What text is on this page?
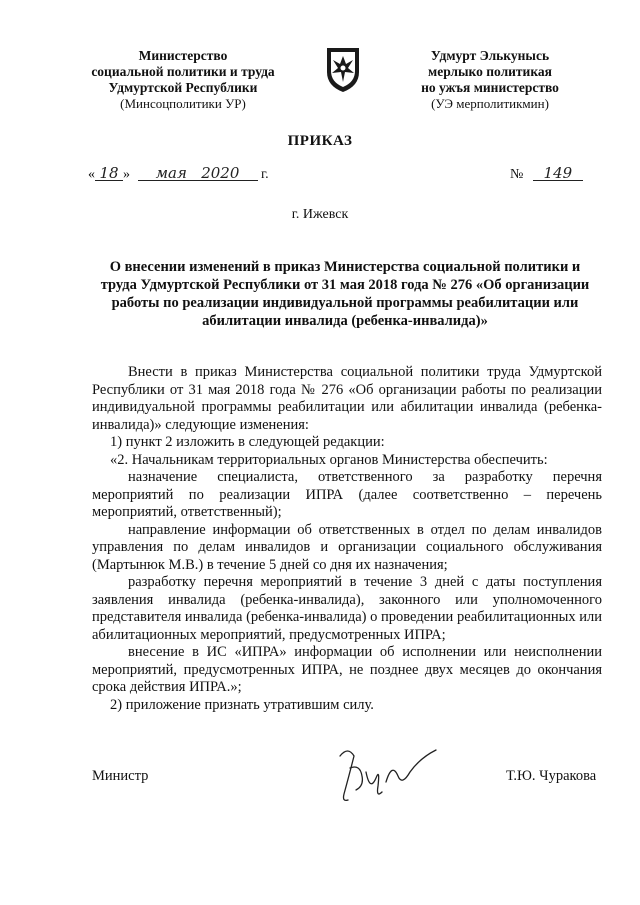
Министерство
социальной политики и труда
Удмуртской Республики
(Минсоцполитики УР)
Удмурт Элькунысь
мерлыко политикая
но ужъя министерство
(УЭ мерполитикмин)
ПРИКАЗ
« 18 » мая 2020 г.	№ 149
г. Ижевск
О внесении изменений в приказ Министерства социальной политики и труда Удмуртской Республики от 31 мая 2018 года № 276 «Об организации работы по реализации индивидуальной программы реабилитации или абилитации инвалида (ребенка-инвалида)»

Внести в приказ Министерства социальной политики труда Удмуртской Республики от 31 мая 2018 года № 276 «Об организации работы по реализации индивидуальной программы реабилитации или абилитации инвалида (ребенка-инвалида)» следующие изменения:

1) пункт 2 изложить в следующей редакции:

«2. Начальникам территориальных органов Министерства обеспечить:

назначение специалиста, ответственного за разработку перечня мероприятий по реализации ИПРА (далее соответственно – перечень мероприятий, ответственный);

направление информации об ответственных в отдел по делам инвалидов управления по делам инвалидов и организации социального обслуживания (Мартынюк М.В.) в течение 5 дней со дня их назначения;

разработку перечня мероприятий в течение 3 дней с даты поступления заявления инвалида (ребенка-инвалида), законного или уполномоченного представителя инвалида (ребенка-инвалида) о проведении реабилитационных или абилитационных мероприятий, предусмотренных ИПРА;

внесение в ИС «ИПРА» информации об исполнении или неисполнении мероприятий, предусмотренных ИПРА, не позднее двух месяцев до окончания срока действия ИПРА.»;

2) приложение признать утратившим силу.

Министр	Т.Ю. Чуракова
